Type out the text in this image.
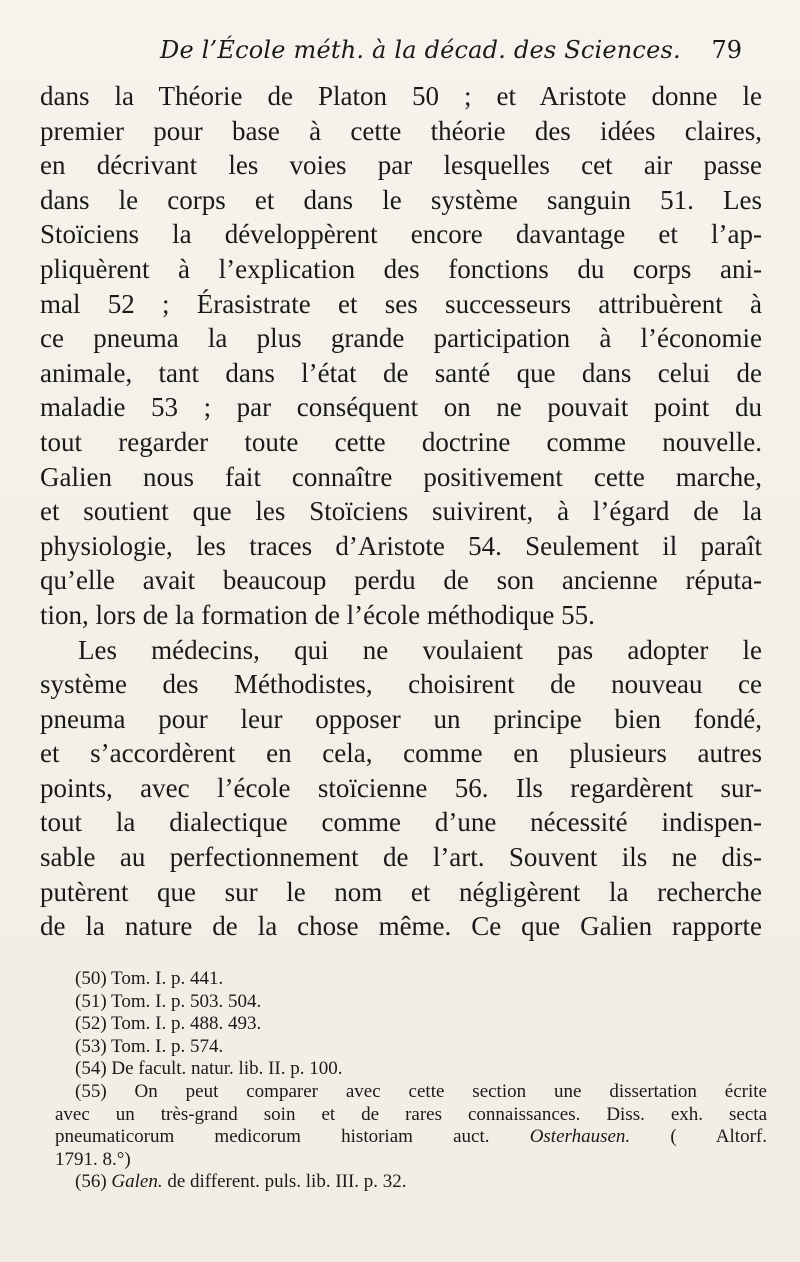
De l’École méth. à la décad. des Sciences. 79
dans la Théorie de Platon 50 ; et Aristote donne le
premier pour base à cette théorie des idées claires,
en décrivant les voies par lesquelles cet air passe
dans le corps et dans le système sanguin 51. Les
Stoïciens la développèrent encore davantage et l’ap-
pliquèrent à l’explication des fonctions du corps ani-
mal 52 ; Érasistrate et ses successeurs attribuèrent à
ce pneuma la plus grande participation à l’économie
animale, tant dans l’état de santé que dans celui de
maladie 53 ; par conséquent on ne pouvait point du
tout regarder toute cette doctrine comme nouvelle.
Galien nous fait connaître positivement cette marche,
et soutient que les Stoïciens suivirent, à l’égard de la
physiologie, les traces d’Aristote 54. Seulement il paraît
qu’elle avait beaucoup perdu de son ancienne réputa-
tion, lors de la formation de l’école méthodique 55.
Les médecins, qui ne voulaient pas adopter le
système des Méthodistes, choisirent de nouveau ce
pneuma pour leur opposer un principe bien fondé,
et s’accordèrent en cela, comme en plusieurs autres
points, avec l’école stoïcienne 56. Ils regardèrent sur-
tout la dialectique comme d’une nécessité indispen-
sable au perfectionnement de l’art. Souvent ils ne dis-
putèrent que sur le nom et négligèrent la recherche
de la nature de la chose même. Ce que Galien rapporte
(50) Tom. I. p. 441.
(51) Tom. I. p. 503. 504.
(52) Tom. I. p. 488. 493.
(53) Tom. I. p. 574.
(54) De facult. natur. lib. II. p. 100.
(55) On peut comparer avec cette section une dissertation écrite
avec un très-grand soin et de rares connaissances. Diss. exh. secta
pneumaticorum medicorum historiam auct. Osterhausen. ( Altorf.
1791. 8.°)
(56) Galen. de different. puls. lib. III. p. 32.
